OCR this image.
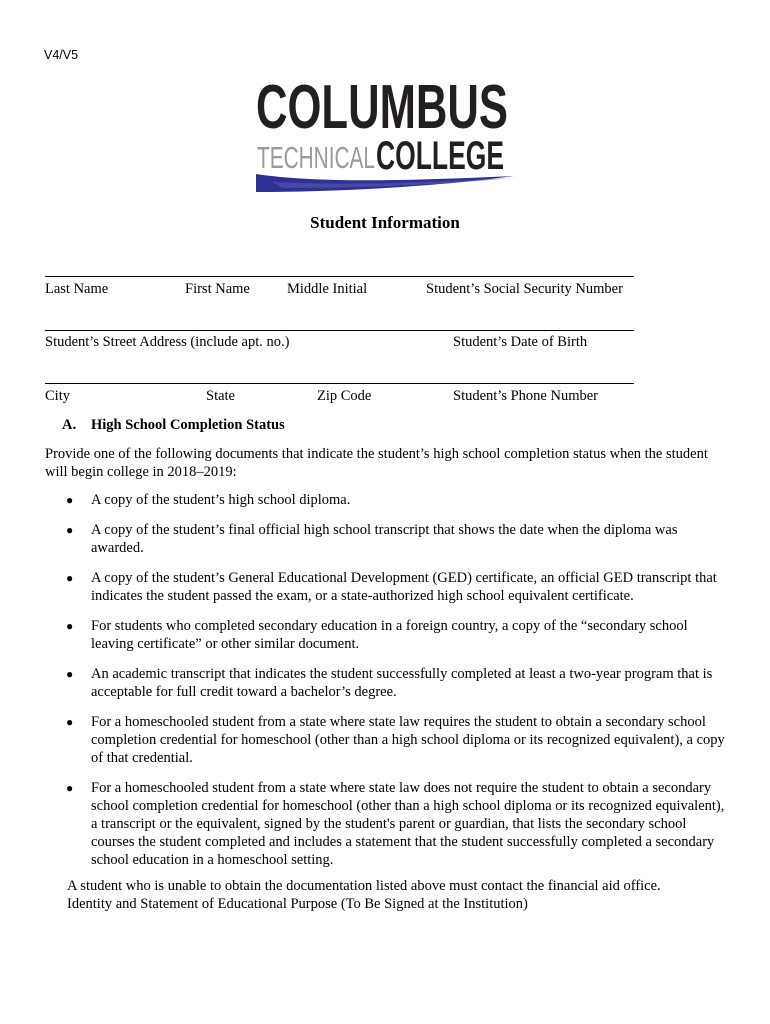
V4/V5
COLUMBUS
TECHNICAL COLLEGE
Student Information
Last Name	First Name	Middle Initial	Student’s Social Security Number
Student’s Street Address (include apt. no.)	Student’s Date of Birth
City	State	Zip Code	Student’s Phone Number
A. High School Completion Status
Provide one of the following documents that indicate the student’s high school completion status when the student will begin college in 2018–2019:
● A copy of the student’s high school diploma.
● A copy of the student’s final official high school transcript that shows the date when the diploma was awarded.
● A copy of the student’s General Educational Development (GED) certificate, an official GED transcript that indicates the student passed the exam, or a state-authorized high school equivalent certificate.
● For students who completed secondary education in a foreign country, a copy of the “secondary school leaving certificate” or other similar document.
● An academic transcript that indicates the student successfully completed at least a two-year program that is acceptable for full credit toward a bachelor’s degree.
● For a homeschooled student from a state where state law requires the student to obtain a secondary school completion credential for homeschool (other than a high school diploma or its recognized equivalent), a copy of that credential.
● For a homeschooled student from a state where state law does not require the student to obtain a secondary school completion credential for homeschool (other than a high school diploma or its recognized equivalent), a transcript or the equivalent, signed by the student's parent or guardian, that lists the secondary school courses the student completed and includes a statement that the student successfully completed a secondary school education in a homeschool setting.
A student who is unable to obtain the documentation listed above must contact the financial aid office.
Identity and Statement of Educational Purpose (To Be Signed at the Institution)
